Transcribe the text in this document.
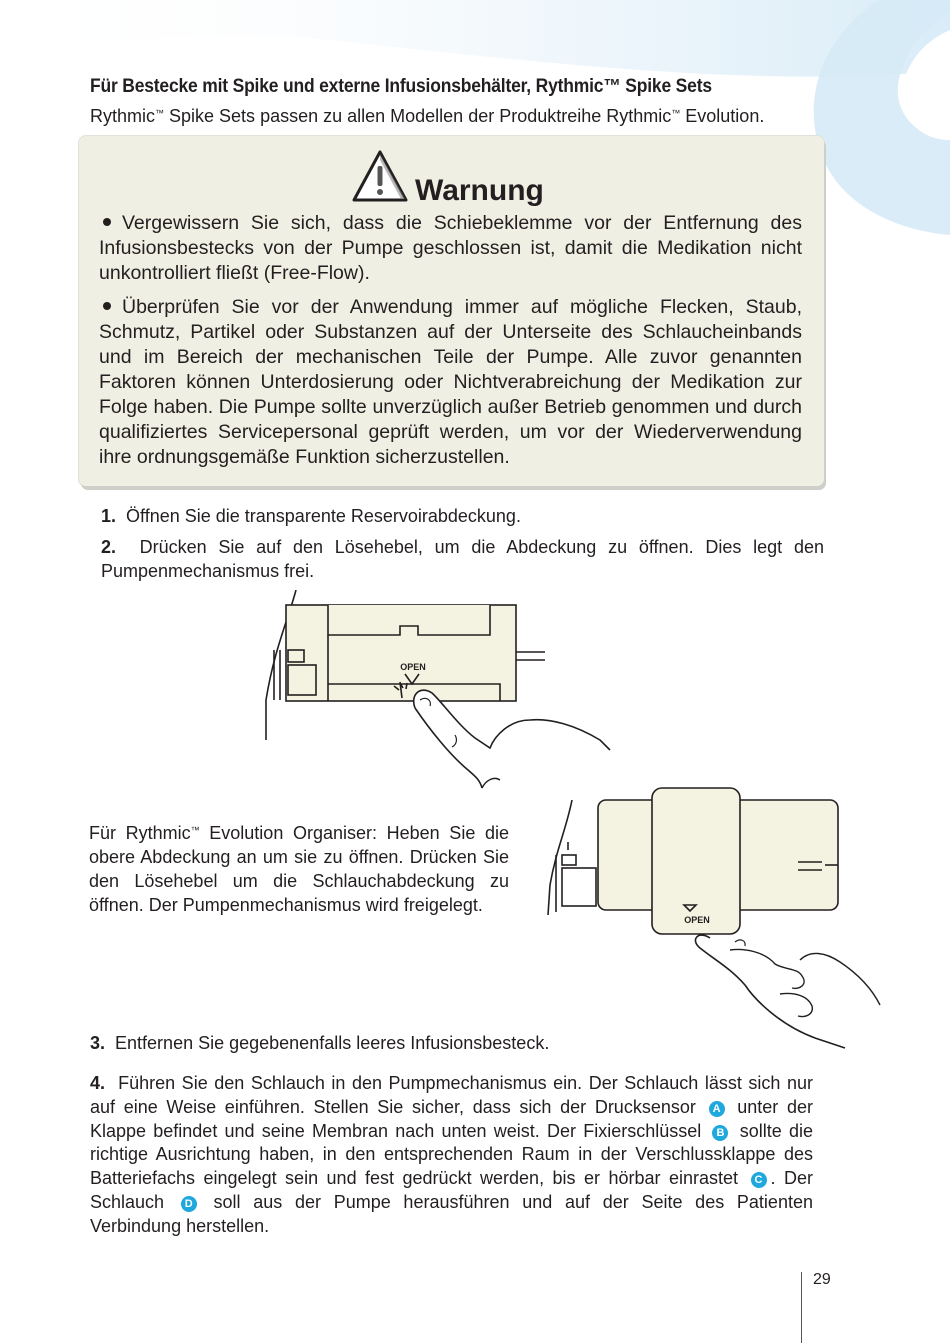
Für Bestecke mit Spike und externe Infusionsbehälter, Rythmic™ Spike Sets
Rythmic™ Spike Sets passen zu allen Modellen der Produktreihe Rythmic™ Evolution.
Warnung

Vergewissern Sie sich, dass die Schiebeklemme vor der Entfernung des Infusionsbestecks von der Pumpe geschlossen ist, damit die Medikation nicht unkontrolliert fließt (Free-Flow).

Überprüfen Sie vor der Anwendung immer auf mögliche Flecken, Staub, Schmutz, Partikel oder Substanzen auf der Unterseite des Schlaucheinbands und im Bereich der mechanischen Teile der Pumpe. Alle zuvor genannten Faktoren können Unterdosierung oder Nichtverabreichung der Medikation zur Folge haben. Die Pumpe sollte unverzüglich außer Betrieb genommen und durch qualifiziertes Servicepersonal geprüft werden, um vor der Wiederverwendung ihre ordnungsgemäße Funktion sicherzustellen.

1. Öffnen Sie die transparente Reservoirabdeckung.
2. Drücken Sie auf den Lösehebel, um die Abdeckung zu öffnen. Dies legt den Pumpenmechanismus frei.
OPEN
Für Rythmic™ Evolution Organiser: Heben Sie die obere Abdeckung an um sie zu öffnen. Drücken Sie den Lösehebel um die Schlauchabdeckung zu öffnen. Der Pumpenmechanismus wird freigelegt.
OPEN
3. Entfernen Sie gegebenenfalls leeres Infusionsbesteck.
4. Führen Sie den Schlauch in den Pumpmechanismus ein. Der Schlauch lässt sich nur auf eine Weise einführen. Stellen Sie sicher, dass sich der Drucksensor A unter der Klappe befindet und seine Membran nach unten weist. Der Fixierschlüssel B sollte die richtige Ausrichtung haben, in den entsprechenden Raum in der Verschlussklappe des Batteriefachs eingelegt sein und fest gedrückt werden, bis er hörbar einrastet C . Der Schlauch D soll aus der Pumpe herausführen und auf der Seite des Patienten Verbindung herstellen.
29
